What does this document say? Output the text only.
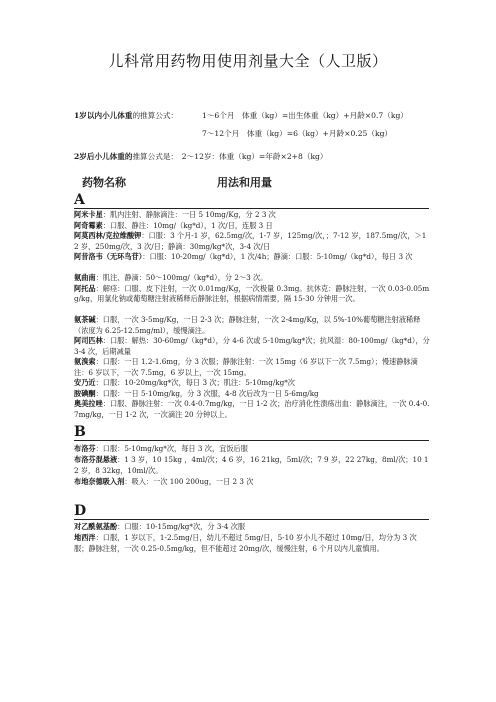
儿科常用药物用使用剂量大全（人卫版）
1岁以内小儿体重的推算公式：	1～6个月　体重（kg）=出生体重（kg）+月龄×0.7（kg）
7～12个月　体重（kg）=6（kg）+月龄×0.25（kg）
2岁后小儿体重的推算公式是：　2～12岁：体重（kg）=年龄×2+8（kg）
药物名称	用法和用量
A
阿米卡星：肌内注射、静脉滴注：一日 5 10mg/Kg，分 2 3 次
阿奇霉素：口服、静注：10mg/（kg*d），1 次/日，连服 3 日
阿莫西林/克拉维酸钾：口服：3 个月-1 岁，62.5mg/次，1-7 岁，125mg/次，；7-12 岁，187.5mg/次，＞12 岁，250mg/次，3 次/日；静滴：30mg/kg*次，3-4 次/日
阿昔洛韦（无环鸟苷）：口服：10-20mg/（kg*d），1 次/4h；静滴：口服：5-10mg/（kg*d），每日 3 次
氨曲南：肌注、静滴：50～100mg/（kg*d），分 2～3 次。
阿托品：解痉：口服、皮下注射，一次 0.01mg/Kg，一次极量 0.3mg。抗休克：静脉注射，一次 0.03-0.05mg/kg，用氯化钠或葡萄糖注射液稀释后静脉注射，根据病情需要，隔 15-30 分钟用一次。
氨茶碱：口服，一次 3-5mg/Kg，一日 2-3 次；静脉注射，一次 2-4mg/Kg，以 5%-10%葡萄糖注射液稀释（浓度为 6.25-12.5mg/ml），缓慢滴注。
阿司匹林：口服：解热：30-60mg/（kg*d），分 4-6 次或 5-10mg/kg*次；抗风湿：80-100mg/（kg*d），分 3-4 次，后期减量
氨溴索：口服：一日 1.2-1.6mg，分 3 次服；静脉注射：一次 15mg（6 岁以下一次 7.5mg）；慢速静脉滴注：6 岁以下，一次 7.5mg，6 岁以上，一次 15mg。
安乃近：口服：10-20mg/kg*次，每日 3 次；肌注：5-10mg/kg*次
胺碘酮：口服：一日 5-10mg/kg，分 3 次服，4-8 次后改为一日 5-6mg/kg
奥美拉唑：口服、静脉注射：一次 0.4-0.7mg/kg，一日 1-2 次；治疗消化性溃疡出血：静脉滴注，一次 0.4-0.7mg/kg，一日 1-2 次，一次滴注 20 分钟以上。
B
布洛芬：口服：5-10mg/kg*次，每日 3 次，宜饭后服
布洛芬混悬液：1 3 岁，10 15kg ，4ml/次；4 6 岁，16 21kg，5ml/次；7 9 岁，22 27kg，8ml/次；10 12 岁，8 32kg，10ml/次。
布地奈德吸入剂：吸入：一次 100 200ug，一日 2 3 次
D
对乙酰氨基酚：口服：10-15mg/kg*次，分 3-4 次服
地西泮：口服，1 岁以下，1-2.5mg/日，幼儿不超过 5mg/日，5-10 岁小儿不超过 10mg/日，均分为 3 次服；静脉注射，一次 0.25-0.5mg/kg，但不能超过 20mg/次，缓慢注射，6 个月以内儿童慎用。
